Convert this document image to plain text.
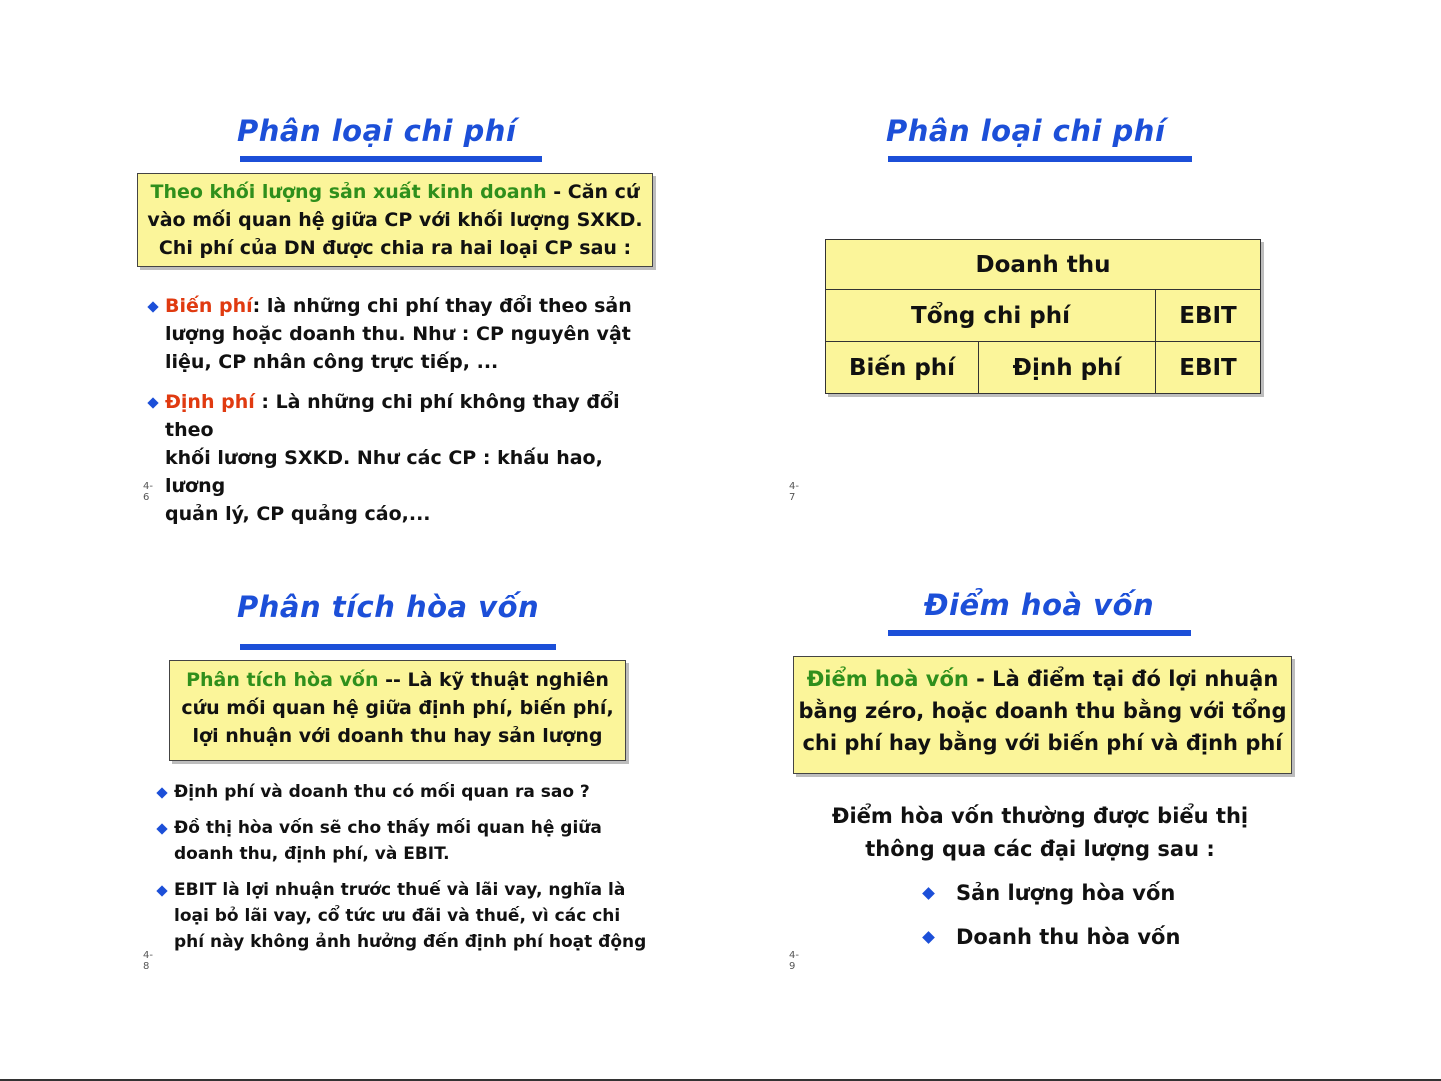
Phân loại chi phí
Theo khối lượng sản xuất kinh doanh - Căn cứ
vào mối quan hệ giữa CP với khối lượng SXKD.
Chi phí của DN được chia ra hai loại CP sau :
Biến phí: là những chi phí thay đổi theo sản
lượng hoặc doanh thu. Như : CP nguyên vật
liệu, CP nhân công trực tiếp, ...
Định phí : Là những chi phí không thay đổi theo
khối lương SXKD. Như các CP : khấu hao, lương
quản lý, CP quảng cáo,...
4-6
Phân loại chi phí
Doanh thu		
Tổng chi phí		EBIT
Biến phí	Định phí	EBIT
4-7
Phân tích hòa vốn
Phân tích hòa vốn -- Là kỹ thuật nghiên
cứu mối quan hệ giữa định phí, biến phí,
lợi nhuận với doanh thu hay sản lượng
Định phí và doanh thu có mối quan ra sao ?
Đồ thị hòa vốn sẽ cho thấy mối quan hệ giữa
doanh thu, định phí, và EBIT.
EBIT là lợi nhuận trước thuế và lãi vay, nghĩa là
loại bỏ lãi vay, cổ tức ưu đãi và thuế, vì các chi
phí này không ảnh hưởng đến định phí hoạt động
4-8
Điểm hoà vốn
Điểm hoà vốn - Là điểm tại đó lợi nhuận
bằng zéro, hoặc doanh thu bằng với tổng
chi phí hay bằng với biến phí và định phí
Điểm hòa vốn thường được biểu thị
thông qua các đại lượng sau :
Sản lượng hòa vốn
Doanh thu hòa vốn
4-9
